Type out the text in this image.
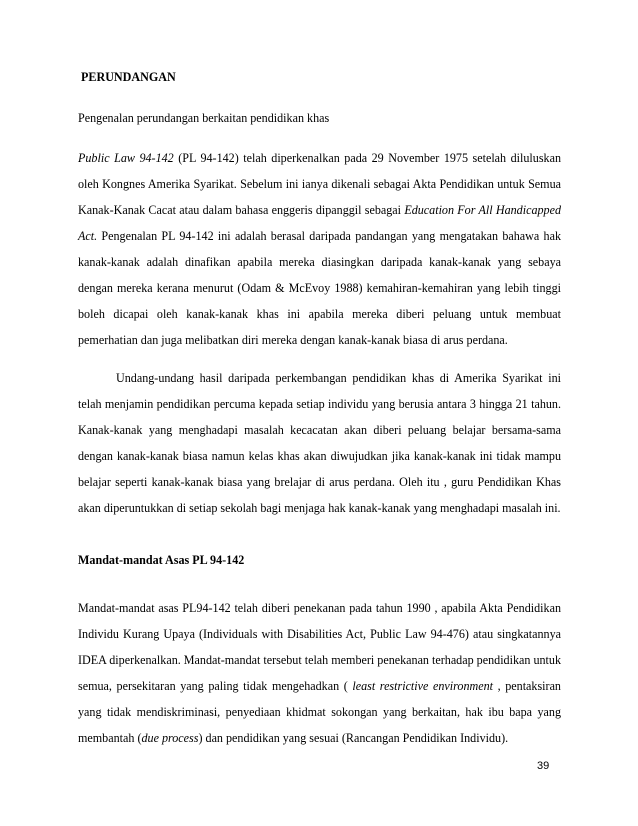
PERUNDANGAN
Pengenalan perundangan berkaitan pendidikan khas

Public Law 94-142 (PL 94-142) telah diperkenalkan pada 29 November 1975 setelah diluluskan oleh Kongnes Amerika Syarikat. Sebelum ini ianya dikenali sebagai Akta Pendidikan untuk Semua Kanak-Kanak Cacat atau dalam bahasa enggeris dipanggil sebagai Education For All Handicapped Act. Pengenalan PL 94-142 ini adalah berasal daripada pandangan yang mengatakan bahawa hak kanak-kanak adalah dinafikan apabila mereka diasingkan daripada kanak-kanak yang sebaya dengan mereka kerana menurut (Odam & McEvoy 1988) kemahiran-kemahiran yang lebih tinggi boleh dicapai oleh kanak-kanak khas ini apabila mereka diberi peluang untuk membuat pemerhatian dan juga melibatkan diri mereka dengan kanak-kanak biasa di arus perdana.

Undang-undang hasil daripada perkembangan pendidikan khas di Amerika Syarikat ini telah menjamin pendidikan percuma kepada setiap individu yang berusia antara 3 hingga 21 tahun. Kanak-kanak yang menghadapi masalah kecacatan akan diberi peluang belajar bersama-sama dengan kanak-kanak biasa namun kelas khas akan diwujudkan jika kanak-kanak ini tidak mampu belajar seperti kanak-kanak biasa yang brelajar di arus perdana. Oleh itu , guru Pendidikan Khas akan diperuntukkan di setiap sekolah bagi menjaga hak kanak-kanak yang menghadapi masalah ini.

Mandat-mandat Asas PL 94-142

Mandat-mandat asas PL94-142 telah diberi penekanan pada tahun 1990 , apabila Akta Pendidikan Individu Kurang Upaya (Individuals with Disabilities Act, Public Law 94-476) atau singkatannya IDEA diperkenalkan. Mandat-mandat tersebut telah memberi penekanan terhadap pendidikan untuk semua, persekitaran yang paling tidak mengehadkan ( least restrictive environment , pentaksiran yang tidak mendiskriminasi, penyediaan khidmat sokongan yang berkaitan, hak ibu bapa yang membantah (due process) dan pendidikan yang sesuai (Rancangan Pendidikan Individu).

39
